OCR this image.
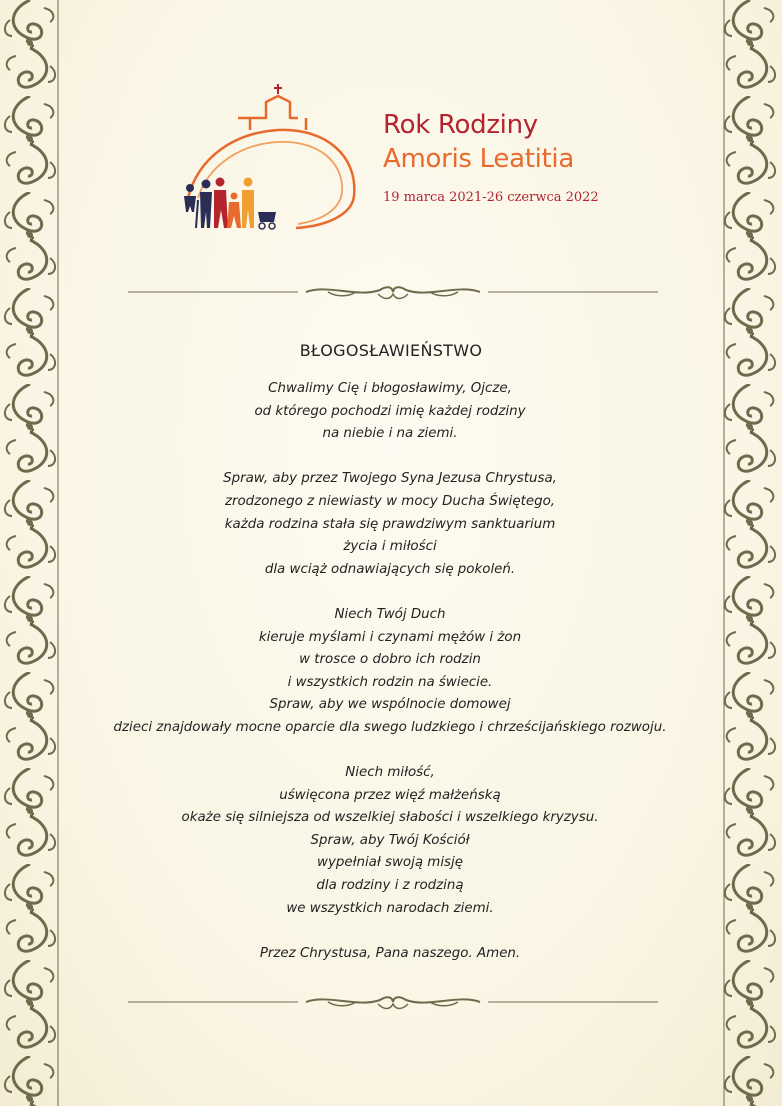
Rok Rodziny
Amoris Leatitia
19 marca 2021-26 czerwca 2022
BŁOGOSŁAWIEŃSTWO
Chwalimy Cię i błogosławimy, Ojcze,
od którego pochodzi imię każdej rodziny
na niebie i na ziemi.
Spraw, aby przez Twojego Syna Jezusa Chrystusa,
zrodzonego z niewiasty w mocy Ducha Świętego,
każda rodzina stała się prawdziwym sanktuarium
życia i miłości
dla wciąż odnawiających się pokoleń.
Niech Twój Duch
kieruje myślami i czynami mężów i żon
w trosce o dobro ich rodzin
i wszystkich rodzin na świecie.
Spraw, aby we wspólnocie domowej
dzieci znajdowały mocne oparcie dla swego ludzkiego i chrześcijańskiego rozwoju.
Niech miłość,
uświęcona przez więź małżeńską
okaże się silniejsza od wszelkiej słabości i wszelkiego kryzysu.
Spraw, aby Twój Kościół
wypełniał swoją misję
dla rodziny i z rodziną
we wszystkich narodach ziemi.
Przez Chrystusa, Pana naszego. Amen.
